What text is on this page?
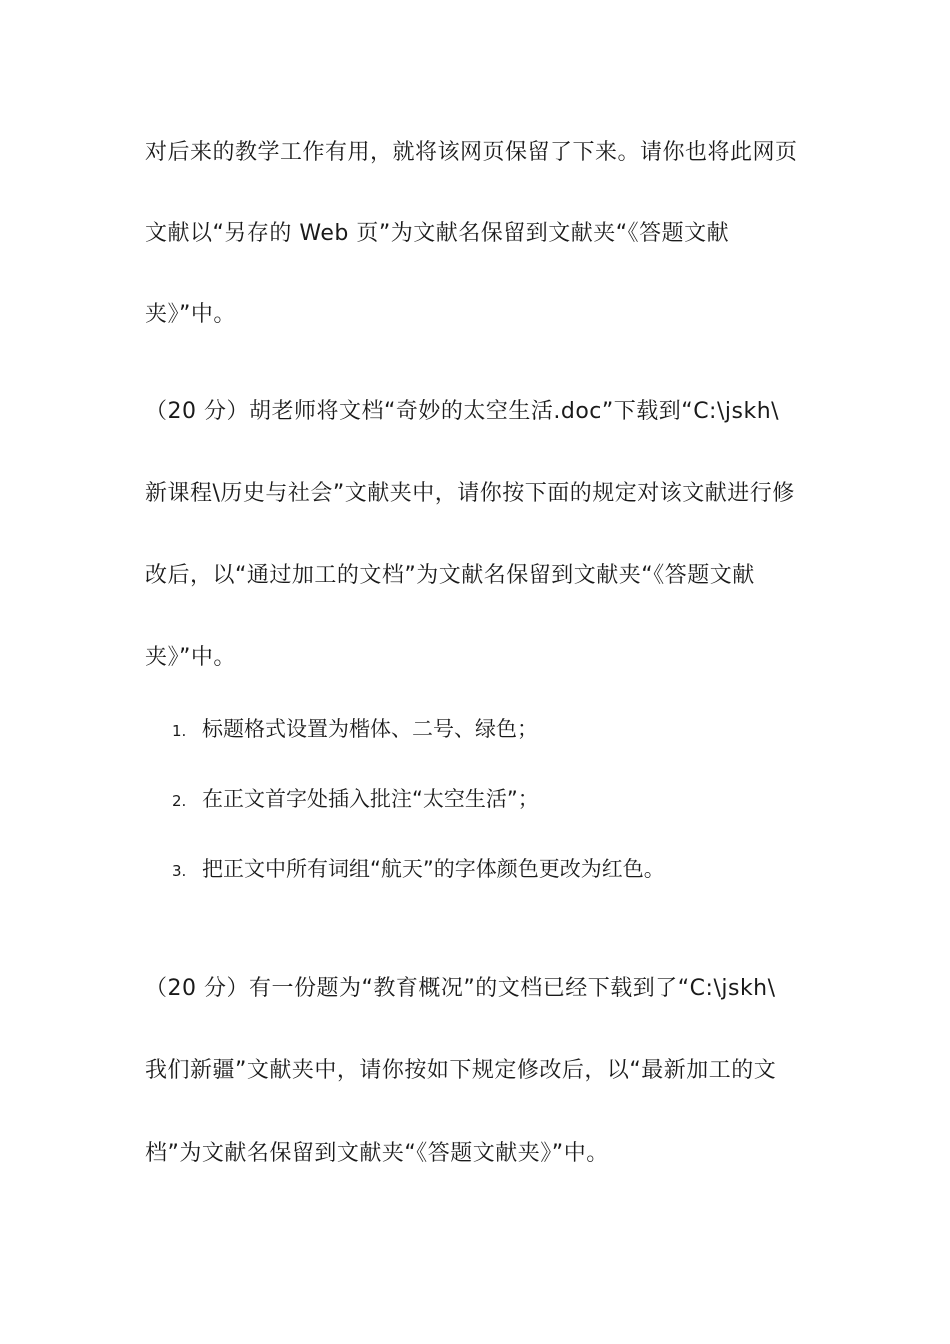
对后来的教学工作有用，就将该网页保留了下来。请你也将此网页
文献以“另存的 Web 页”为文献名保留到文献夹“《答题文献
夹》”中。
（20 分）胡老师将文档“奇妙的太空生活.doc”下载到“C:\jskh\
新课程\历史与社会”文献夹中，请你按下面的规定对该文献进行修
改后，以“通过加工的文档”为文献名保留到文献夹“《答题文献
夹》”中。
1. 标题格式设置为楷体、二号、绿色；
2. 在正文首字处插入批注“太空生活”；
3. 把正文中所有词组“航天”的字体颜色更改为红色。
（20 分）有一份题为“教育概况”的文档已经下载到了“C:\jskh\
我们新疆”文献夹中，请你按如下规定修改后，以“最新加工的文
档”为文献名保留到文献夹“《答题文献夹》”中。
